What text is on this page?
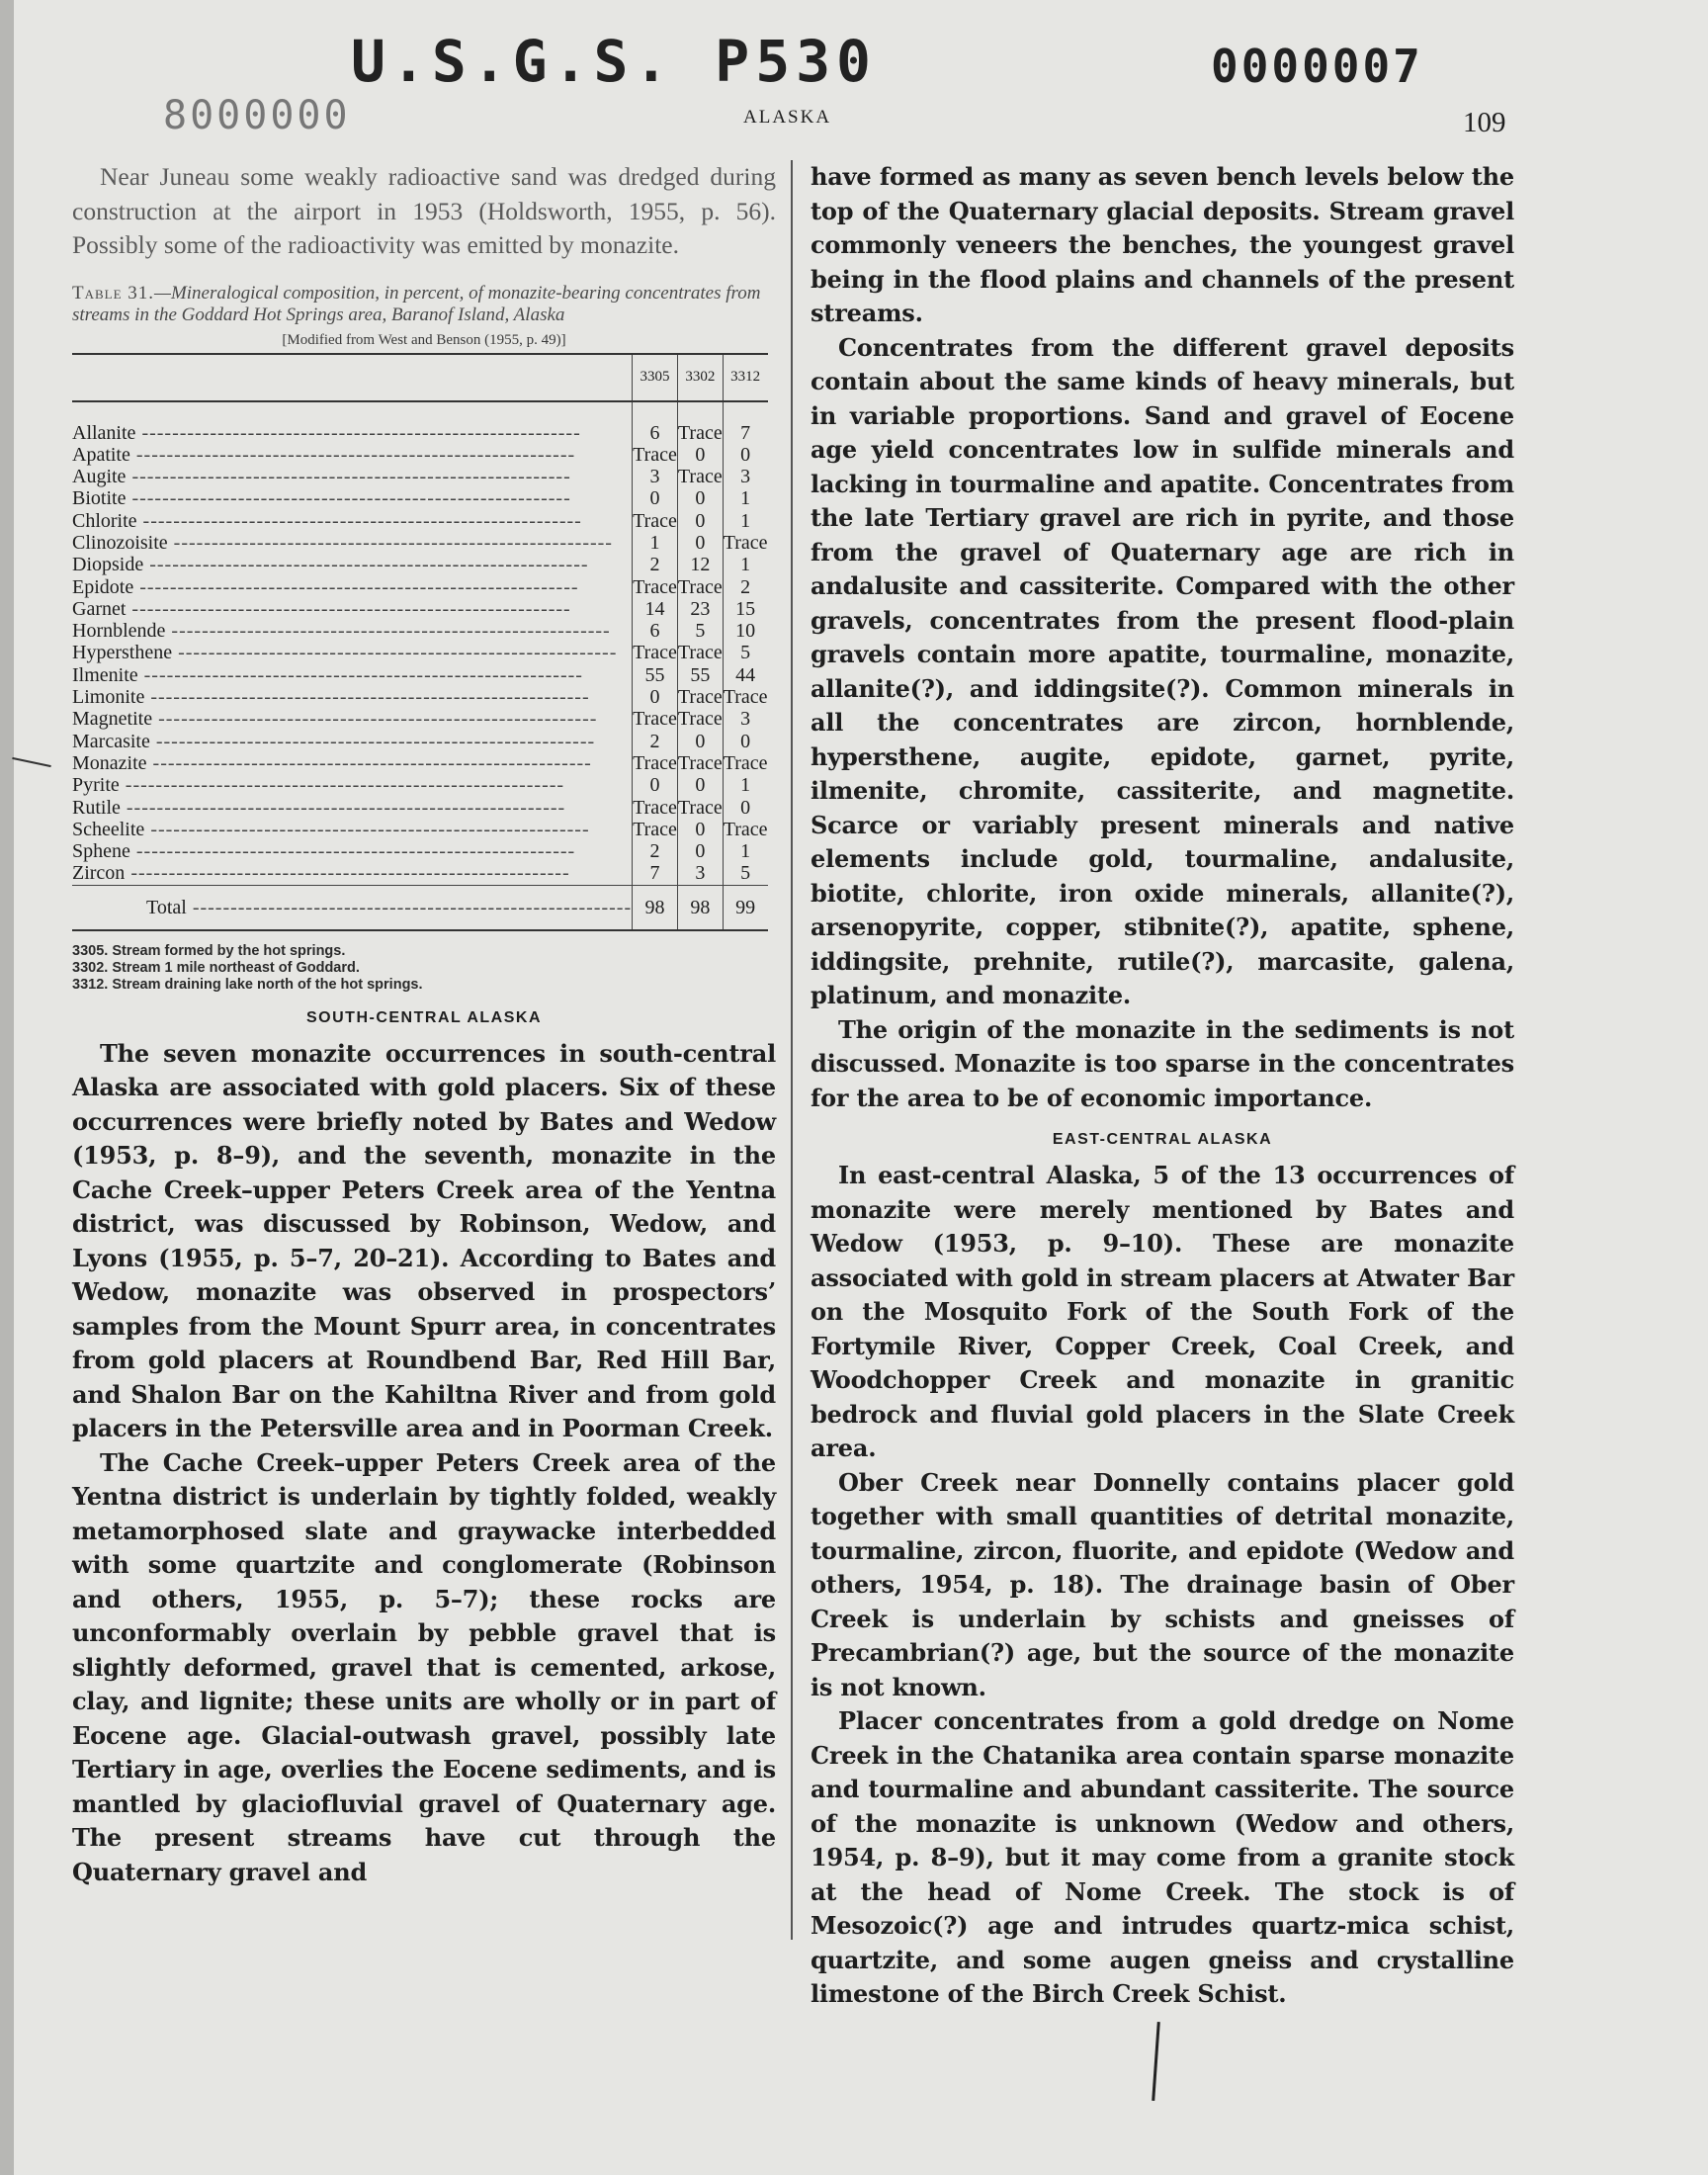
U.S.G.S. P530	0000007
8000000	ALASKA	109

Near Juneau some weakly radioactive sand was dredged during construction at the airport in 1953 (Holdsworth, 1955, p. 56). Possibly some of the radioactivity was emitted by monazite.

Table 31.—Mineralogical composition, in percent, of monazite-bearing concentrates from streams in the Goddard Hot Springs area, Baranof Island, Alaska

[Modified from West and Benson (1955, p. 49)]
	3305	3302	3312
Allanite -----	6	Trace	7
Apatite -----	Trace	0	0
Augite -----	3	Trace	3
Biotite -----	0	0	1
Chlorite -----	Trace	0	1
Clinozoisite -----	1	0	Trace
Diopside -----	2	12	1
Epidote -----	Trace	Trace	2
Garnet -----	14	23	15
Hornblende -----	6	5	10
Hypersthene -----	Trace	Trace	5
Ilmenite -----	55	55	44
Limonite -----	0	Trace	Trace
Magnetite -----	Trace	Trace	3
Marcasite -----	2	0	0
Monazite -----	Trace	Trace	Trace
Pyrite -----	0	0	1
Rutile -----	Trace	Trace	0
Scheelite -----	Trace	0	Trace
Sphene -----	2	0	1
Zircon -----	7	3	5
Total -----	98	98	99
3305. Stream formed by the hot springs.
3302. Stream 1 mile northeast of Goddard.
3312. Stream draining lake north of the hot springs.
SOUTH-CENTRAL ALASKA

The seven monazite occurrences in south-central Alaska are associated with gold placers. Six of these occurrences were briefly noted by Bates and Wedow (1953, p. 8–9), and the seventh, monazite in the Cache Creek–upper Peters Creek area of the Yentna district, was discussed by Robinson, Wedow, and Lyons (1955, p. 5–7, 20–21). According to Bates and Wedow, monazite was observed in prospectors’ samples from the Mount Spurr area, in concentrates from gold placers at Roundbend Bar, Red Hill Bar, and Shalon Bar on the Kahiltna River and from gold placers in the Petersville area and in Poorman Creek.

The Cache Creek–upper Peters Creek area of the Yentna district is underlain by tightly folded, weakly metamorphosed slate and graywacke interbedded with some quartzite and conglomerate (Robinson and others, 1955, p. 5–7); these rocks are unconformably overlain by pebble gravel that is slightly deformed, gravel that is cemented, arkose, clay, and lignite; these units are wholly or in part of Eocene age. Glacial-outwash gravel, possibly late Tertiary in age, overlies the Eocene sediments, and is mantled by glaciofluvial gravel of Quaternary age. The present streams have cut through the Quaternary gravel and

have formed as many as seven bench levels below the top of the Quaternary glacial deposits. Stream gravel commonly veneers the benches, the youngest gravel being in the flood plains and channels of the present streams.

Concentrates from the different gravel deposits contain about the same kinds of heavy minerals, but in variable proportions. Sand and gravel of Eocene age yield concentrates low in sulfide minerals and lacking in tourmaline and apatite. Concentrates from the late Tertiary gravel are rich in pyrite, and those from the gravel of Quaternary age are rich in andalusite and cassiterite. Compared with the other gravels, concentrates from the present flood-plain gravels contain more apatite, tourmaline, monazite, allanite(?), and iddingsite(?). Common minerals in all the concentrates are zircon, hornblende, hypersthene, augite, epidote, garnet, pyrite, ilmenite, chromite, cassiterite, and magnetite. Scarce or variably present minerals and native elements include gold, tourmaline, andalusite, biotite, chlorite, iron oxide minerals, allanite(?), arsenopyrite, copper, stibnite(?), apatite, sphene, iddingsite, prehnite, rutile(?), marcasite, galena, platinum, and monazite.

The origin of the monazite in the sediments is not discussed. Monazite is too sparse in the concentrates for the area to be of economic importance.

EAST-CENTRAL ALASKA

In east-central Alaska, 5 of the 13 occurrences of monazite were merely mentioned by Bates and Wedow (1953, p. 9–10). These are monazite associated with gold in stream placers at Atwater Bar on the Mosquito Fork of the South Fork of the Fortymile River, Copper Creek, Coal Creek, and Woodchopper Creek and monazite in granitic bedrock and fluvial gold placers in the Slate Creek area.

Ober Creek near Donnelly contains placer gold together with small quantities of detrital monazite, tourmaline, zircon, fluorite, and epidote (Wedow and others, 1954, p. 18). The drainage basin of Ober Creek is underlain by schists and gneisses of Precambrian(?) age, but the source of the monazite is not known.

Placer concentrates from a gold dredge on Nome Creek in the Chatanika area contain sparse monazite and tourmaline and abundant cassiterite. The source of the monazite is unknown (Wedow and others, 1954, p. 8–9), but it may come from a granite stock at the head of Nome Creek. The stock is of Mesozoic(?) age and intrudes quartz-mica schist, quartzite, and some augen gneiss and crystalline limestone of the Birch Creek Schist.
